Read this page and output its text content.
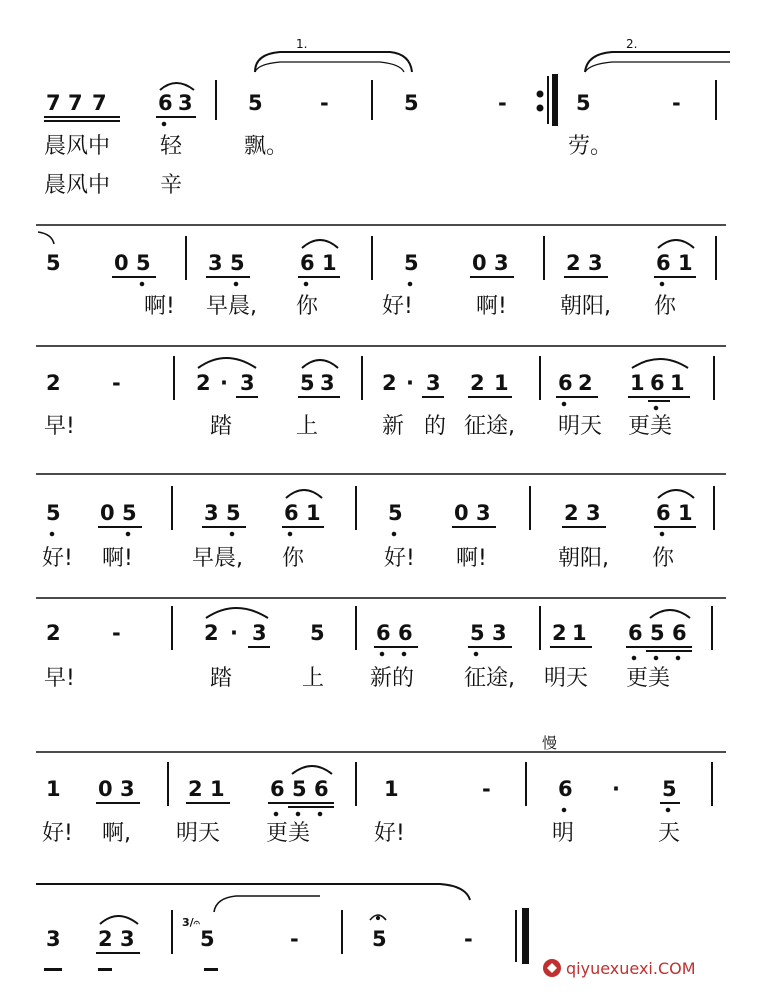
1.	2.
7 7 7 6 3	5	-	5	-	5	-
晨风中 轻	飘。	劳。
晨风中 辛
5	0 5	3 5	6 1	5	0 3	2 3	6 1
啊! 早晨, 你	好!	啊! 朝阳, 你
2 -	2 · 3 5 3 2 · 3 2 1 6 2 1 6 1
早!	踏	上	新 的 征途, 明天 更美
5 0 5	3 5 6 1	5 0 3	2 3	6 1
好! 啊!	早晨, 你	好! 啊!	朝阳, 你
2 -	2 · 3 5 6 6	5 3 2 1 6 5 6
早!	踏	上 新的 征途, 明天 更美
慢
1 0 3	2 1 6 5 6	1	-	6 · 5
好! 啊, 明天 更美	好!	明	天
3 2 3
3/𝄐
5	-	5	-
qiyuexuexi.COM
